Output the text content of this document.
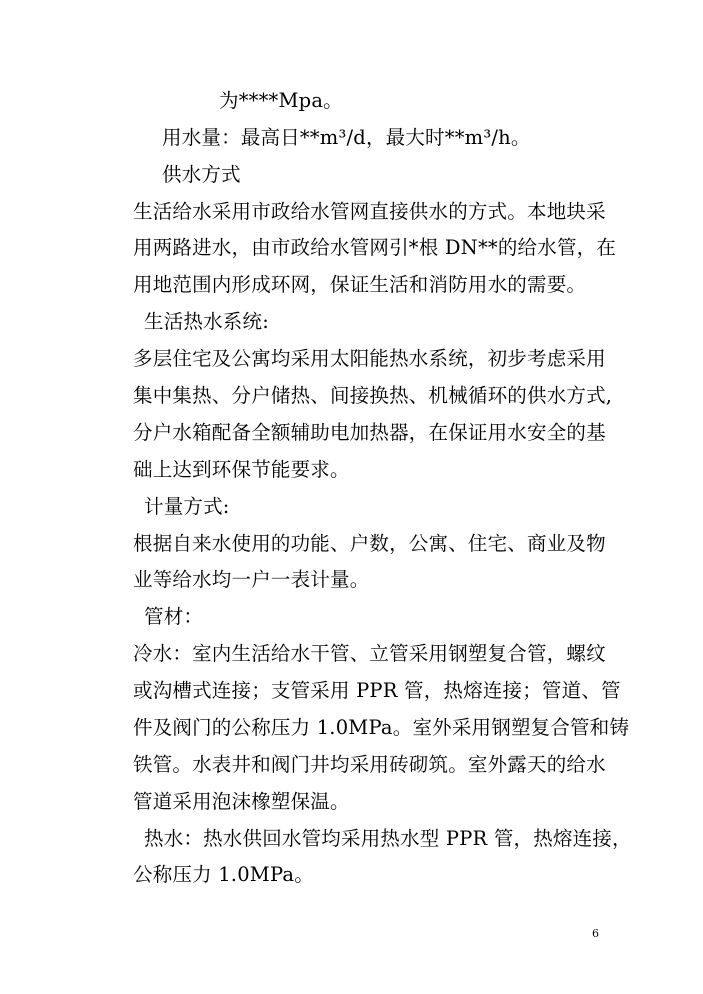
为****Mpa。
用水量：最高日**m³/d，最大时**m³/h。
供水方式
生活给水采用市政给水管网直接供水的方式。本地块采
用两路进水，由市政给水管网引*根 DN**的给水管，在
用地范围内形成环网，保证生活和消防用水的需要。
生活热水系统:
多层住宅及公寓均采用太阳能热水系统，初步考虑采用
集中集热、分户储热、间接换热、机械循环的供水方式,
分户水箱配备全额辅助电加热器，在保证用水安全的基
础上达到环保节能要求。
计量方式:
根据自来水使用的功能、户数，公寓、住宅、商业及物
业等给水均一户一表计量。
管材：
冷水：室内生活给水干管、立管采用钢塑复合管，螺纹
或沟槽式连接；支管采用 PPR 管，热熔连接；管道、管
件及阀门的公称压力 1.0MPa。室外采用钢塑复合管和铸
铁管。水表井和阀门井均采用砖砌筑。室外露天的给水
管道采用泡沫橡塑保温。
热水：热水供回水管均采用热水型 PPR 管，热熔连接，
公称压力 1.0MPa。
6
